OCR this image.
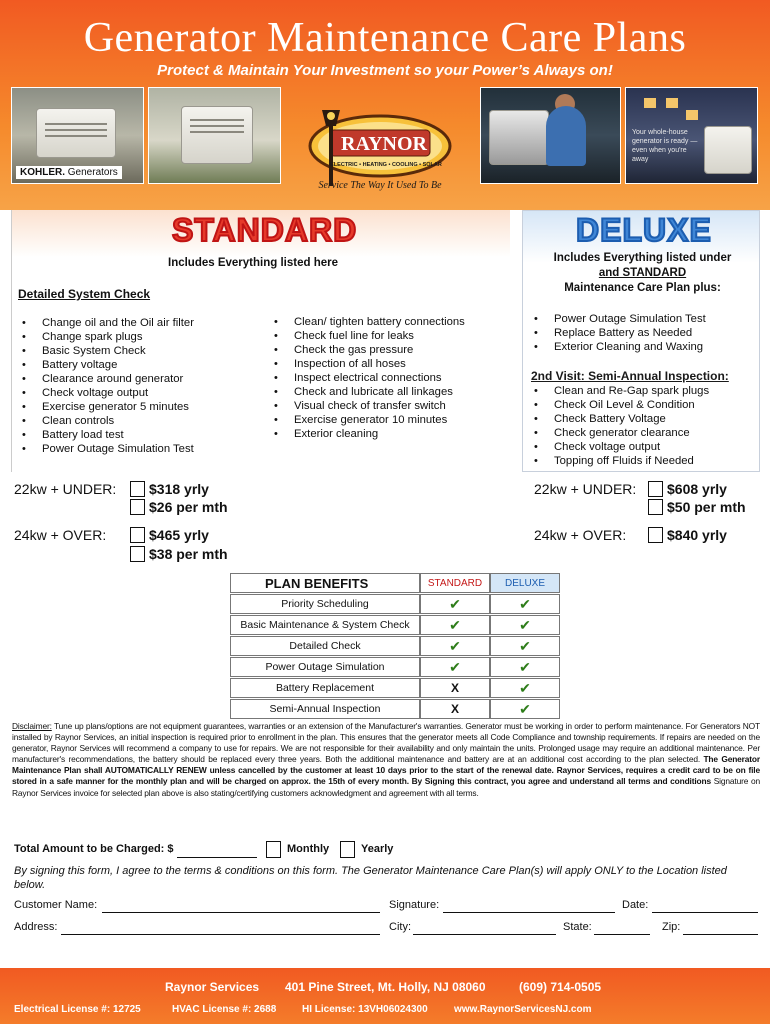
Generator Maintenance Care Plans
Protect & Maintain Your Investment so your Power’s Always on!
KOHLER. Generators
RAYNOR
ELECTRIC • HEATING • COOLING • SOLAR
Service The Way It Used To Be
Your whole-house generator is ready — even when you're away
STANDARD
Includes Everything listed here
Detailed System Check
• Change oil and the Oil air filter
• Change spark plugs
• Basic System Check
• Battery voltage
• Clearance around generator
• Check voltage output
• Exercise generator 5 minutes
• Clean controls
• Battery load test
• Power Outage Simulation Test
• Clean/ tighten battery connections
• Check fuel line for leaks
• Check the gas pressure
• Inspection of all hoses
• Inspect electrical connections
• Check and lubricate all linkages
• Visual check of transfer switch
• Exercise generator 10 minutes
• Exterior cleaning
DELUXE
Includes Everything listed under
and STANDARD
Maintenance Care Plan plus:
• Power Outage Simulation Test
• Replace Battery as Needed
• Exterior Cleaning and Waxing
2nd Visit: Semi-Annual Inspection:
• Clean and Re-Gap spark plugs
• Check Oil Level & Condition
• Check Battery Voltage
• Check generator clearance
• Check voltage output
• Topping off Fluids if Needed
22kw + UNDER: $318 yrly
$26 per mth
24kw + OVER:	$465 yrly
$38 per mth
22kw + UNDER: $608 yrly
$50 per mth
24kw + OVER:	$840 yrly
PLAN BENEFITS	STANDARD	DELUXE
Priority Scheduling	✔	✔
Basic Maintenance & System Check	✔	✔
Detailed Check	✔	✔
Power Outage Simulation	✔	✔
Battery Replacement	X	✔
Semi-Annual Inspection	X	✔
Disclaimer: Tune up plans/options are not equipment guarantees, warranties or an extension of the Manufacturer's warranties. Generator must be working in order to perform maintenance. For Generators NOT installed by Raynor Services, an initial inspection is required prior to enrollment in the plan. This ensures that the generator meets all Code Compliance and township requirements. If repairs are needed on the generator, Raynor Services will recommend a company to use for repairs. We are not responsible for their availability and only maintain the units. Prolonged usage may require an additional maintenance. Per manufacturer's recommendations, the battery should be replaced every three years. Both the additional maintenance and battery are at an additional cost according to the plan selected. The Generator Maintenance Plan shall AUTOMATICALLY RENEW unless cancelled by the customer at least 10 days prior to the start of the renewal date. Raynor Services, requires a credit card to be on file stored in a safe manner for the monthly plan and will be charged on approx. the 15th of every month. By Signing this contract, you agree and understand all terms and conditions Signature on Raynor Services invoice for selected plan above is also stating/certifying customers acknowledgment and agreement with all terms.
Total Amount to be Charged: $	Monthly	Yearly
By signing this form, I agree to the terms & conditions on this form. The Generator Maintenance Care Plan(s) will apply ONLY to the Location listed below.
Customer Name:	Signature:	Date:
Address:	City:	State:	Zip:
Raynor Services 401 Pine Street, Mt. Holly, NJ 08060	(609) 714-0505
Electrical License #: 12725	HVAC License #: 2688	HI License: 13VH06024300	www.RaynorServicesNJ.com
